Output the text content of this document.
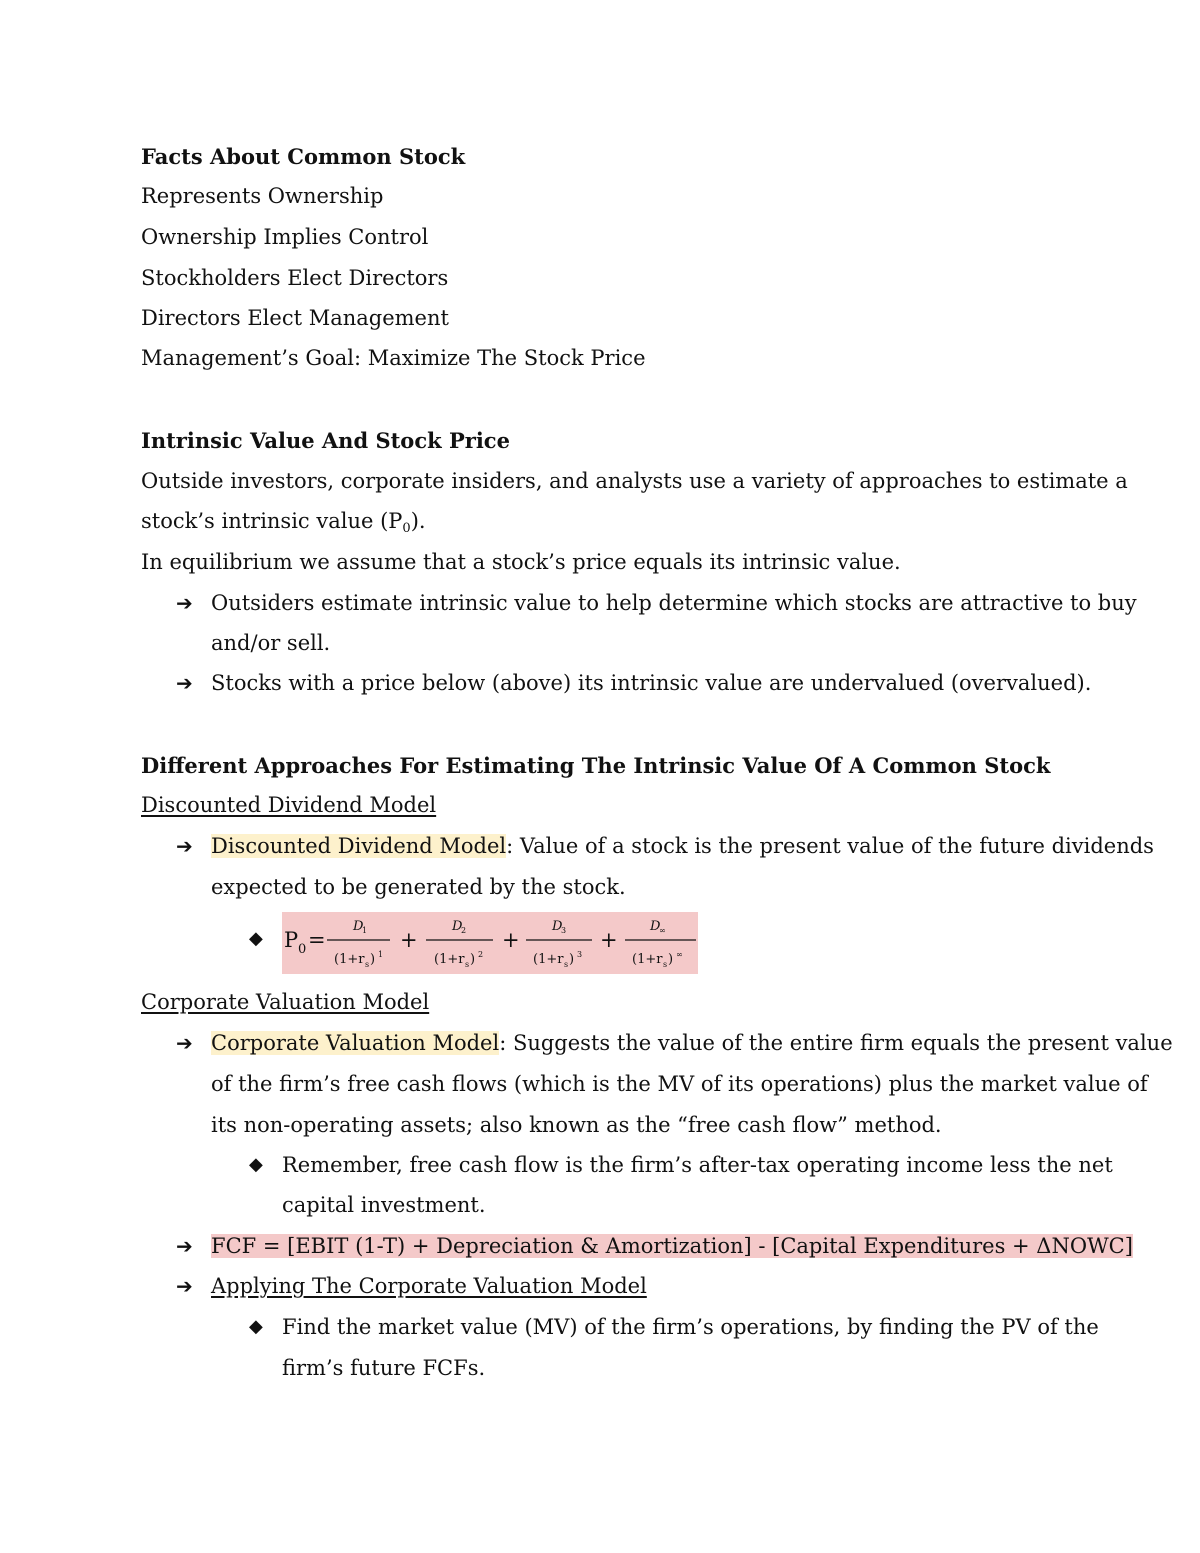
Facts About Common Stock
Represents Ownership
Ownership Implies Control
Stockholders Elect Directors
Directors Elect Management
Management’s Goal: Maximize The Stock Price
Intrinsic Value And Stock Price
Outside investors, corporate insiders, and analysts use a variety of approaches to estimate a
stock’s intrinsic value $(P_0)$.
In equilibrium we assume that a stock’s price equals its intrinsic value.
➔ Outsiders estimate intrinsic value to help determine which stocks are attractive to buy
and/or sell.
➔ Stocks with a price below (above) its intrinsic value are undervalued (overvalued).
Different Approaches For Estimating The Intrinsic Value Of A Common Stock
Discounted Dividend Model
➔ Discounted Dividend Model: Value of a stock is the present value of the future dividends
expected to be generated by the stock.
◆ P 0 =
D
1
(1+r s ) 1
+
D
2
(1+r s ) 2
+
D
3
(1+r s ) 3
+
D
∞
(1+r s ) ∞
Corporate Valuation Model
➔ Corporate Valuation Model: Suggests the value of the entire firm equals the present value
of the firm’s free cash flows (which is the MV of its operations) plus the market value of
its non-operating assets; also known as the “free cash flow” method.
◆ Remember, free cash flow is the firm’s after-tax operating income less the net
capital investment.
➔ FCF = [EBIT (1-T) + Depreciation & Amortization] - [Capital Expenditures + ΔNOWC]
➔ Applying The Corporate Valuation Model
◆ Find the market value (MV) of the firm’s operations, by finding the PV of the
firm’s future FCFs.
